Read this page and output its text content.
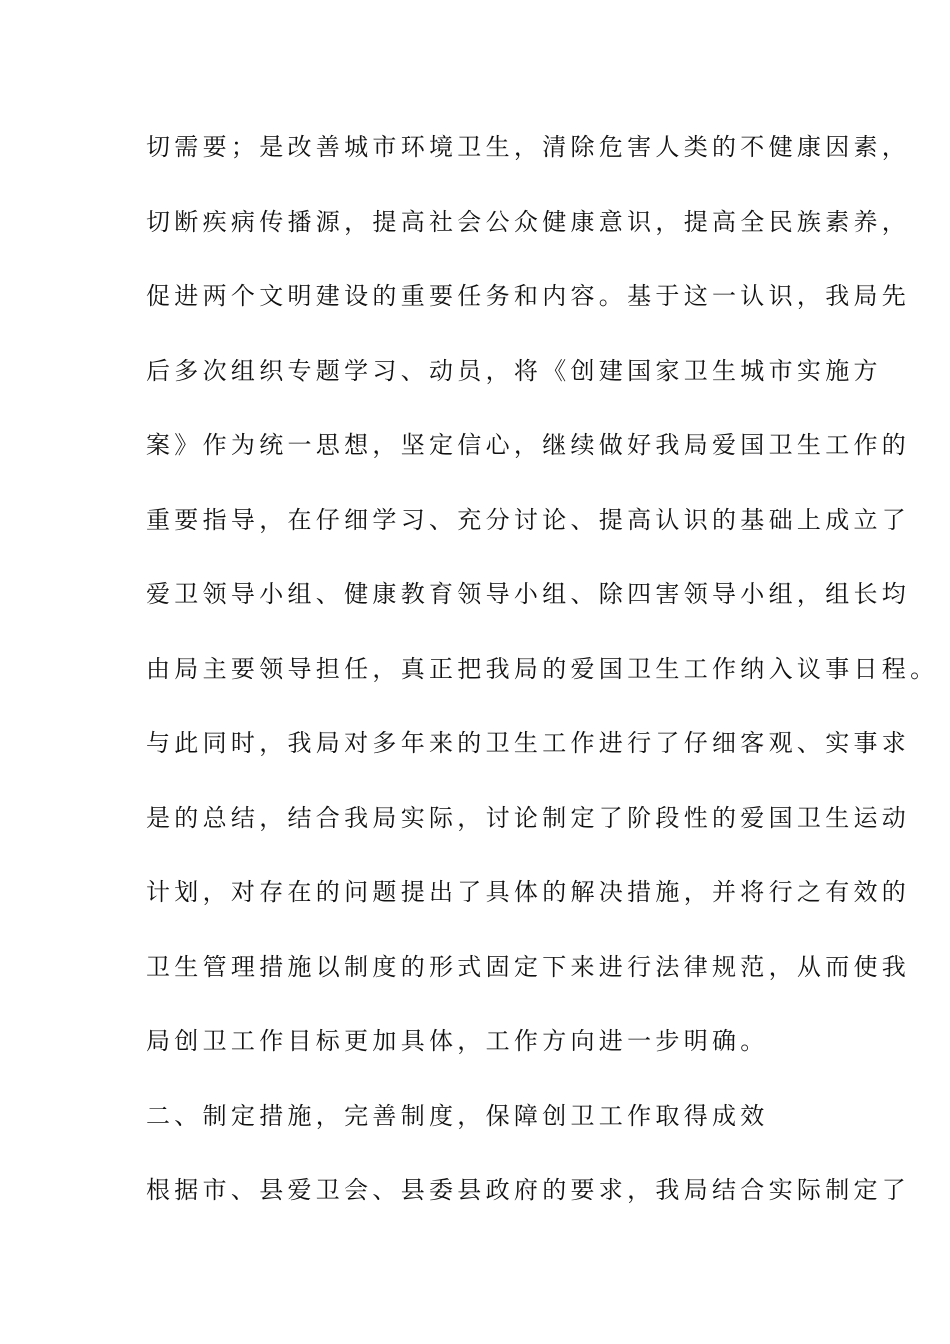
切需要；是改善城市环境卫生，清除危害人类的不健康因素，
切断疾病传播源，提高社会公众健康意识，提高全民族素养，
促进两个文明建设的重要任务和内容。基于这一认识，我局先
后多次组织专题学习、动员，将《创建国家卫生城市实施方
案》作为统一思想，坚定信心，继续做好我局爱国卫生工作的
重要指导，在仔细学习、充分讨论、提高认识的基础上成立了
爱卫领导小组、健康教育领导小组、除四害领导小组，组长均
由局主要领导担任，真正把我局的爱国卫生工作纳入议事日程。
与此同时，我局对多年来的卫生工作进行了仔细客观、实事求
是的总结，结合我局实际，讨论制定了阶段性的爱国卫生运动
计划，对存在的问题提出了具体的解决措施，并将行之有效的
卫生管理措施以制度的形式固定下来进行法律规范，从而使我
局创卫工作目标更加具体，工作方向进一步明确。
二、制定措施，完善制度，保障创卫工作取得成效
根据市、县爱卫会、县委县政府的要求，我局结合实际制定了
